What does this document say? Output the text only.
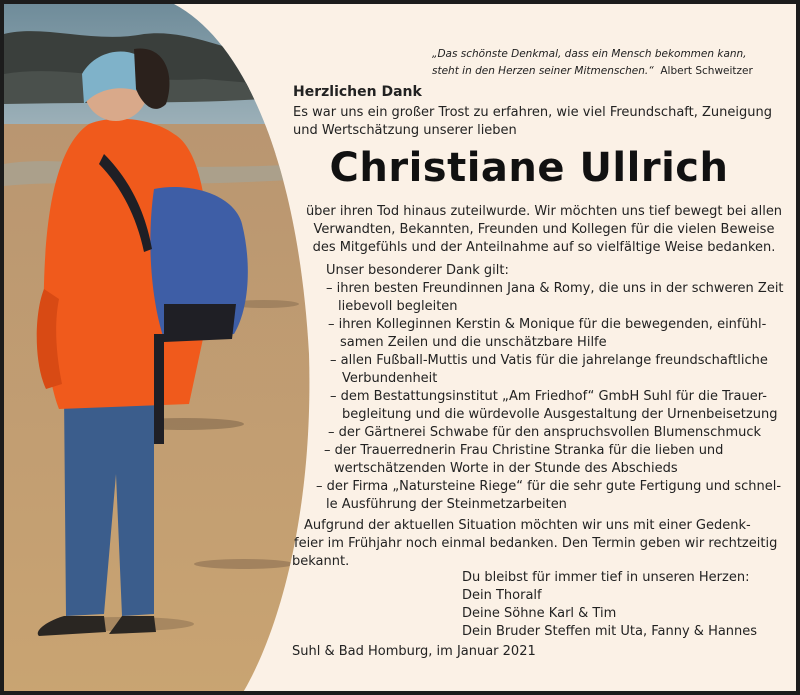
„Das schönste Denkmal, dass ein Mensch bekommen kann,
steht in den Herzen seiner Mitmenschen.“ Albert Schweitzer
Herzlichen Dank
Es war uns ein großer Trost zu erfahren, wie viel Freundschaft, Zuneigung
und Wertschätzung unserer lieben
Christiane Ullrich
über ihren Tod hinaus zuteilwurde. Wir möchten uns tief bewegt bei allen
Verwandten, Bekannten, Freunden und Kollegen für die vielen Beweise
des Mitgefühls und der Anteilnahme auf so vielfältige Weise bedanken.
Unser besonderer Dank gilt:
– ihren besten Freundinnen Jana & Romy, die uns in der schweren Zeit
liebevoll begleiten
– ihren Kolleginnen Kerstin & Monique für die bewegenden, einfühl-
samen Zeilen und die unschätzbare Hilfe
– allen Fußball-Muttis und Vatis für die jahrelange freundschaftliche
Verbundenheit
– dem Bestattungsinstitut „Am Friedhof“ GmbH Suhl für die Trauer-
begleitung und die würdevolle Ausgestaltung der Urnenbeisetzung
– der Gärtnerei Schwabe für den anspruchsvollen Blumenschmuck
– der Trauerrednerin Frau Christine Stranka für die lieben und
wertschätzenden Worte in der Stunde des Abschieds
– der Firma „Natursteine Riege“ für die sehr gute Fertigung und schnel-
le Ausführung der Steinmetzarbeiten
Aufgrund der aktuellen Situation möchten wir uns mit einer Gedenk-
feier im Frühjahr noch einmal bedanken. Den Termin geben wir rechtzeitig
bekannt.
Du bleibst für immer tief in unseren Herzen:
Dein Thoralf
Deine Söhne Karl & Tim
Dein Bruder Steffen mit Uta, Fanny & Hannes
Suhl & Bad Homburg, im Januar 2021
